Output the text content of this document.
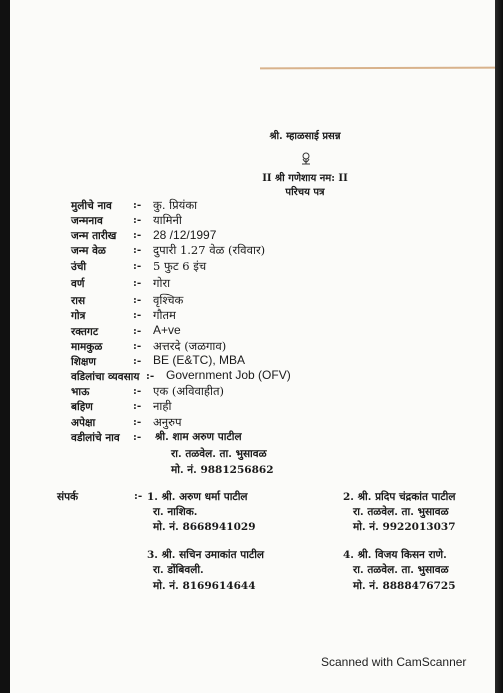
श्री. म्हाळसाई प्रसन्न
II श्री गणेशाय नम: II
परिचय पत्र
मुलीचे नाव :- कु. प्रियंका
जन्मनाव	:- यामिनी
जन्म तारीख :- 28 /12/1997
जन्म वेळ	:- दुपारी 1.27 वेळ (रविवार)
उंची	:- 5 फुट 6 इंच
वर्ण	:- गोरा
रास	:- वृश्चिक
गोत्र	:- गौतम
रक्तगट	:- A+ve
मामकुळ	:- अत्तरदे (जळगाव)
शिक्षण	:- BE (E&TC), MBA
वडिलांचा व्यवसाय :- Government Job (OFV)
भाऊ	:- एक (अविवाहीत)
बहिण	:- नाही
अपेक्षा	:- अनुरुप
वडीलांचे नाव :- श्री. शाम अरुण पाटील
रा. तळवेल. ता. भुसावळ
मो. नं. 9881256862
संपर्क	:- 1. श्री. अरुण धर्मा पाटील
रा. नाशिक.
मो. नं. 8668941029
2. श्री. प्रदिप चंद्रकांत पाटील
रा. तळवेल. ता. भुसावळ
मो. नं. 9922013037
3. श्री. सचिन उमाकांत पाटील
रा. डोंबिवली.
मो. नं. 8169614644
4. श्री. विजय किसन राणे.
रा. तळवेल. ता. भुसावळ
मो. नं. 8888476725
Scanned with CamScanner
